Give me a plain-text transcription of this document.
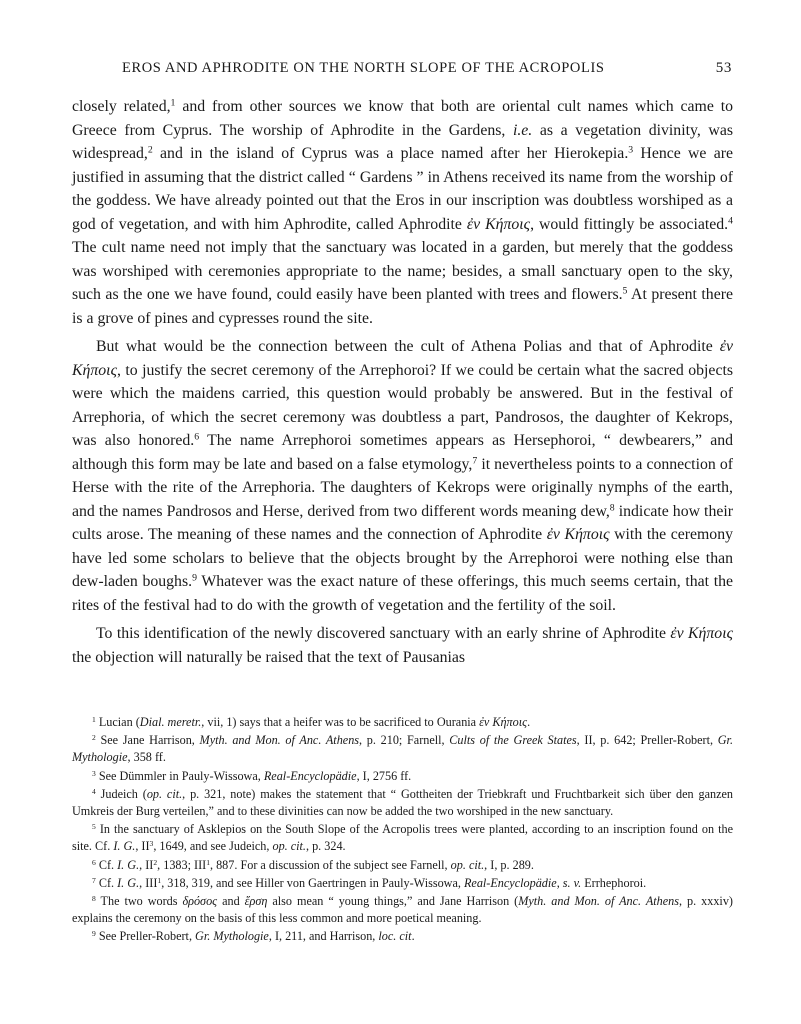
EROS AND APHRODITE ON THE NORTH SLOPE OF THE ACROPOLIS	53

closely related,$^1$ and from other sources we know that both are oriental cult names which came to Greece from Cyprus. The worship of Aphrodite in the Gardens, i.e. as a vegetation divinity, was widespread,$^2$ and in the island of Cyprus was a place named after her Hierokepia.$^3$ Hence we are justified in assuming that the district called “ Gardens ” in Athens received its name from the worship of the goddess. We have already pointed out that the Eros in our inscription was doubtless worshiped as a god of vegetation, and with him Aphrodite, called Aphrodite ἐν Κήποις, would fittingly be associated.$^4$ The cult name need not imply that the sanctuary was located in a garden, but merely that the goddess was worshiped with ceremonies appropriate to the name; besides, a small sanctuary open to the sky, such as the one we have found, could easily have been planted with trees and flowers.$^5$ At present there is a grove of pines and cypresses round the site.

But what would be the connection between the cult of Athena Polias and that of Aphrodite ἐν Κήποις, to justify the secret ceremony of the Arrephoroi? If we could be certain what the sacred objects were which the maidens carried, this question would probably be answered. But in the festival of Arrephoria, of which the secret ceremony was doubtless a part, Pandrosos, the daughter of Kekrops, was also honored.$^6$ The name Arrephoroi sometimes appears as Hersephoroi, “ dewbearers,” and although this form may be late and based on a false etymology,$^7$ it nevertheless points to a connection of Herse with the rite of the Arrephoria. The daughters of Kekrops were originally nymphs of the earth, and the names Pandrosos and Herse, derived from two different words meaning dew,$^8$ indicate how their cults arose. The meaning of these names and the connection of Aphrodite ἐν Κήποις with the ceremony have led some scholars to believe that the objects brought by the Arrephoroi were nothing else than dew-laden boughs.$^9$ Whatever was the exact nature of these offerings, this much seems certain, that the rites of the festival had to do with the growth of vegetation and the fertility of the soil.

To this identification of the newly discovered sanctuary with an early shrine of Aphrodite ἐν Κήποις the objection will naturally be raised that the text of Pausanias

$^1$ Lucian (Dial. meretr., vii, 1) says that a heifer was to be sacrificed to Ourania ἐν Κήποις.

$^2$ See Jane Harrison, Myth. and Mon. of Anc. Athens, p. 210; Farnell, Cults of the Greek States, II, p. 642; Preller-Robert, Gr. Mythologie, 358 ff.

$^3$ See Dümmler in Pauly-Wissowa, Real-Encyclopädie, I, 2756 ff.

$^4$ Judeich (op. cit., p. 321, note) makes the statement that “ Gottheiten der Triebkraft und Fruchtbarkeit sich über den ganzen Umkreis der Burg verteilen,” and to these divinities can now be added the two worshiped in the new sanctuary.

$^5$ In the sanctuary of Asklepios on the South Slope of the Acropolis trees were planted, according to an inscription found on the site. Cf. I. G., $II^3$, 1649, and see Judeich, op. cit., p. 324.

$^6$ Cf. I. G., $II^2$, 1383; III$^1$, 887. For a discussion of the subject see Farnell, op. cit., I, p. 289.

$^7$ Cf. I. G., III$^1$, 318, 319, and see Hiller von Gaertringen in Pauly-Wissowa, Real-Encyclopädie, s. v. Errhephoroi.

$^8$ The two words δρόσος and ἕρση also mean “ young things,” and Jane Harrison (Myth. and Mon. of Anc. Athens, p. xxxiv) explains the ceremony on the basis of this less common and more poetical meaning.

$^9$ See Preller-Robert, Gr. Mythologie, I, 211, and Harrison, loc. cit.
